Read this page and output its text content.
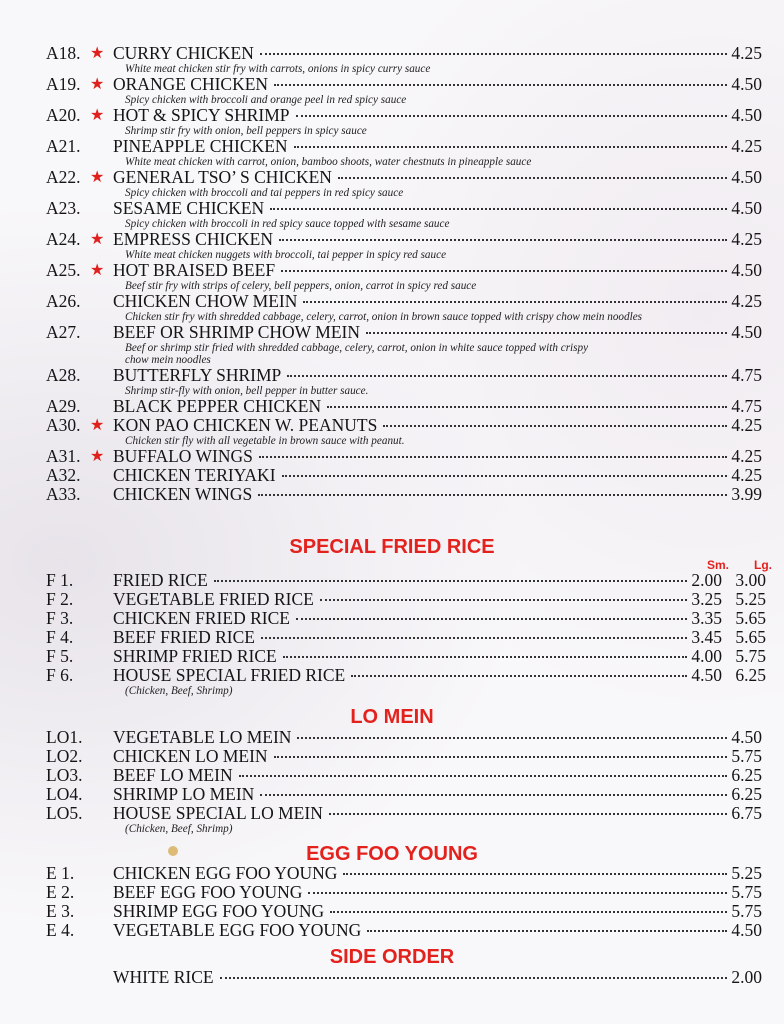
A18. ★ CURRY CHICKEN	4.25
White meat chicken stir fry with carrots, onions in spicy curry sauce
A19. ★ ORANGE CHICKEN	4.50
Spicy chicken with broccoli and orange peel in red spicy sauce
A20. ★ HOT & SPICY SHRIMP	4.50
Shrimp stir fry with onion, bell peppers in spicy sauce
A21. PINEAPPLE CHICKEN	4.25
White meat chicken with carrot, onion, bamboo shoots, water chestnuts in pineapple sauce
A22. ★ GENERAL TSO’ S CHICKEN	4.50
Spicy chicken with broccoli and tai peppers in red spicy sauce
A23. SESAME CHICKEN	4.50
Spicy chicken with broccoli in red spicy sauce topped with sesame sauce
A24. ★ EMPRESS CHICKEN	4.25
White meat chicken nuggets with broccoli, tai pepper in spicy red sauce
A25. ★ HOT BRAISED BEEF	4.50
Beef stir fry with strips of celery, bell peppers, onion, carrot in spicy red sauce
A26. CHICKEN CHOW MEIN	4.25
Chicken stir fry with shredded cabbage, celery, carrot, onion in brown sauce topped with crispy chow mein noodles
A27. BEEF OR SHRIMP CHOW MEIN	4.50
Beef or shrimp stir fried with shredded cabbage, celery, carrot, onion in white sauce topped with crispy
chow mein noodles
A28. BUTTERFLY SHRIMP	4.75
Shrimp stir-fly with onion, bell pepper in butter sauce.
A29. BLACK PEPPER CHICKEN	4.75
A30. ★ KON PAO CHICKEN W. PEANUTS	4.25
Chicken stir fly with all vegetable in brown sauce with peanut.
A31. ★ BUFFALO WINGS	4.25
A32. CHICKEN TERIYAKI	4.25
A33. CHICKEN WINGS	3.99
SPECIAL FRIED RICE
Sm. Lg.
F 1. FRIED RICE	2.00 3.00
F 2. VEGETABLE FRIED RICE	3.25 5.25
F 3. CHICKEN FRIED RICE	3.35 5.65
F 4. BEEF FRIED RICE	3.45 5.65
F 5. SHRIMP FRIED RICE	4.00 5.75
F 6. HOUSE SPECIAL FRIED RICE	4.50 6.25
(Chicken, Beef, Shrimp)
LO MEIN
LO1. VEGETABLE LO MEIN	4.50
LO2. CHICKEN LO MEIN	5.75
LO3. BEEF LO MEIN	6.25
LO4. SHRIMP LO MEIN	6.25
LO5. HOUSE SPECIAL LO MEIN	6.75
(Chicken, Beef, Shrimp)
EGG FOO YOUNG
E 1. CHICKEN EGG FOO YOUNG	5.25
E 2. BEEF EGG FOO YOUNG	5.75
E 3. SHRIMP EGG FOO YOUNG	5.75
E 4. VEGETABLE EGG FOO YOUNG	4.50
SIDE ORDER
WHITE RICE	2.00
